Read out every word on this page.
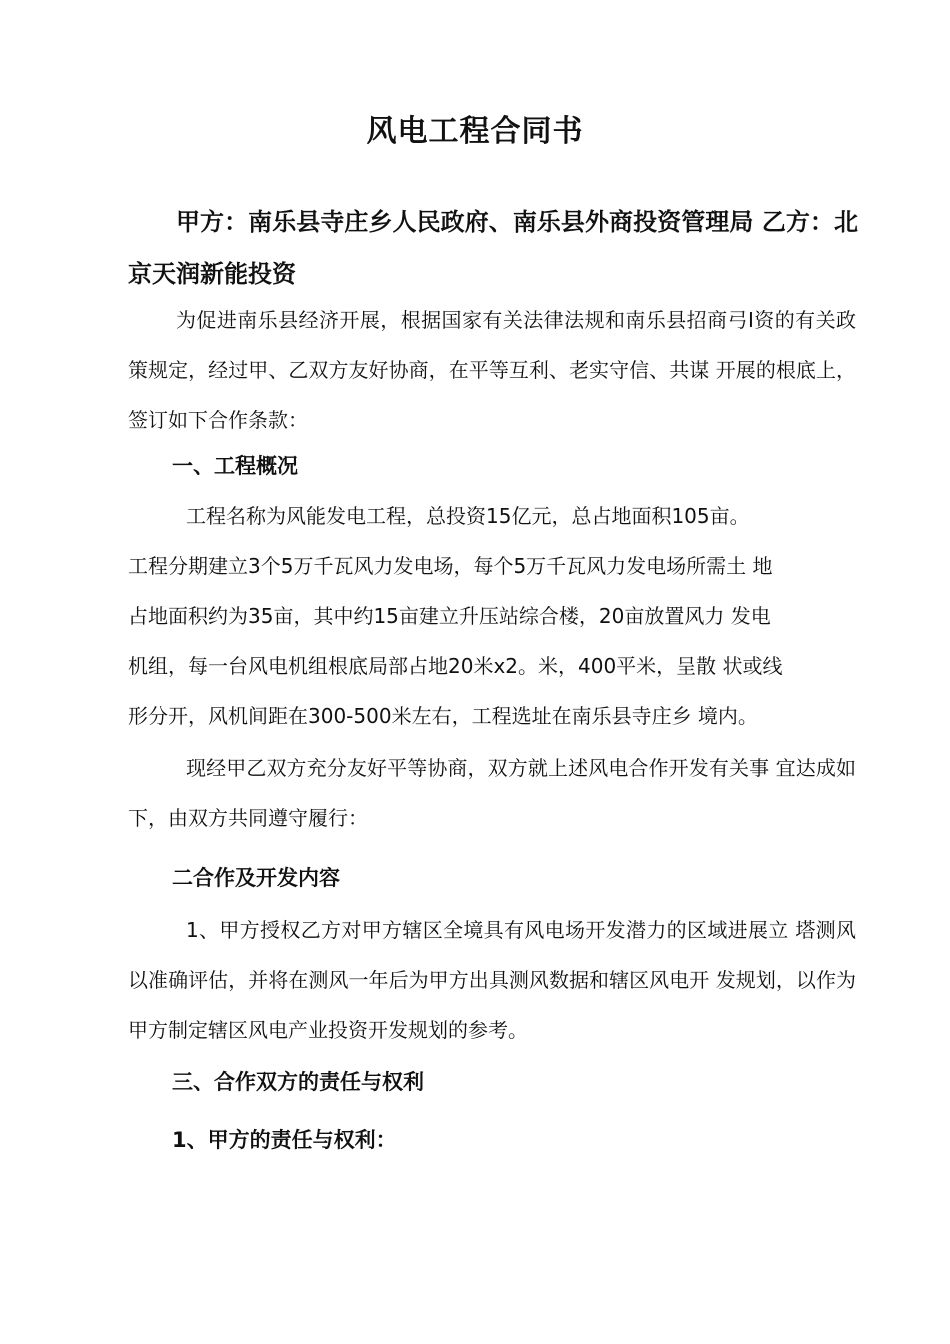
风电工程合同书
甲方：南乐县寺庄乡人民政府、南乐县外商投资管理局 乙方：北京天润新能投资
为促进南乐县经济开展，根据国家有关法律法规和南乐县招商弓I资的有关政策规定，经过甲、乙双方友好协商，在平等互利、老实守信、共谋 开展的根底上，签订如下合作条款：
一、工程概况
工程名称为风能发电工程，总投资15亿元，总占地面积105亩。
工程分期建立3个5万千瓦风力发电场，每个5万千瓦风力发电场所需土 地
占地面积约为35亩，其中约15亩建立升压站综合楼，20亩放置风力 发电
机组，每一台风电机组根底局部占地20米x2。米，400平米，呈散 状或线
形分开，风机间距在300-500米左右，工程选址在南乐县寺庄乡 境内。
现经甲乙双方充分友好平等协商，双方就上述风电合作开发有关事 宜达成如下，由双方共同遵守履行：
二合作及开发内容
1、甲方授权乙方对甲方辖区全境具有风电场开发潜力的区域进展立 塔测风以准确评估，并将在测风一年后为甲方出具测风数据和辖区风电开 发规划，以作为甲方制定辖区风电产业投资开发规划的参考。
三、合作双方的责任与权利
1、甲方的责任与权利：
